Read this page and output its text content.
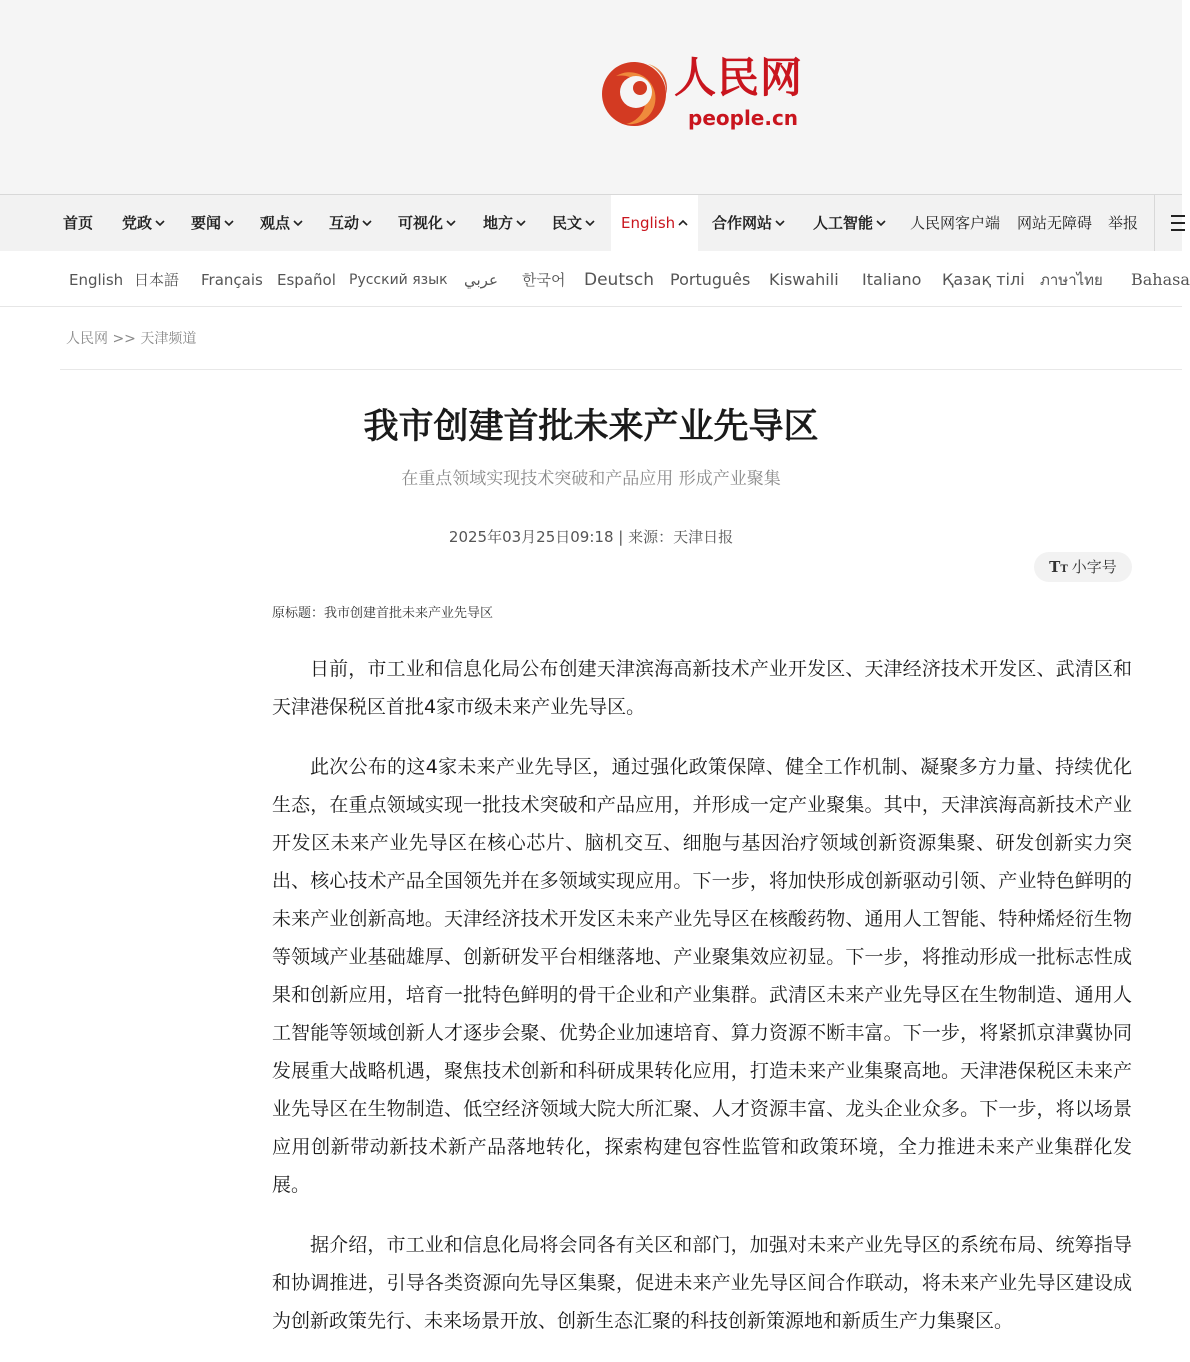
人民网
people.cn
首页 党政	要闻	观点	互动	可视化	地方	民文	English	合作网站	人工智能	人民网客户端 网站无障碍 举报
English 日本語 Français Español Русский язык عربي 한국어 Deutsch Português Kiswahili Italiano Қазақ тілі ภาษาไทย Bahasa
人民网 >> 天津频道
我市创建首批未来产业先导区
在重点领域实现技术突破和产品应用 形成产业聚集
2025年03月25日09:18 | 来源：天津日报
TT 小字号
原标题：我市创建首批未来产业先导区

日前，市工业和信息化局公布创建天津滨海高新技术产业开发区、天津经济技术开发区、武清区和天津港保税区首批4家市级未来产业先导区。

此次公布的这4家未来产业先导区，通过强化政策保障、健全工作机制、凝聚多方力量、持续优化生态，在重点领域实现一批技术突破和产品应用，并形成一定产业聚集。其中，天津滨海高新技术产业开发区未来产业先导区在核心芯片、脑机交互、细胞与基因治疗领域创新资源集聚、研发创新实力突出、核心技术产品全国领先并在多领域实现应用。下一步，将加快形成创新驱动引领、产业特色鲜明的未来产业创新高地。天津经济技术开发区未来产业先导区在核酸药物、通用人工智能、特种烯烃衍生物等领域产业基础雄厚、创新研发平台相继落地、产业聚集效应初显。下一步，将推动形成一批标志性成果和创新应用，培育一批特色鲜明的骨干企业和产业集群。武清区未来产业先导区在生物制造、通用人工智能等领域创新人才逐步会聚、优势企业加速培育、算力资源不断丰富。下一步，将紧抓京津冀协同发展重大战略机遇，聚焦技术创新和科研成果转化应用，打造未来产业集聚高地。天津港保税区未来产业先导区在生物制造、低空经济领域大院大所汇聚、人才资源丰富、龙头企业众多。下一步，将以场景应用创新带动新技术新产品落地转化，探索构建包容性监管和政策环境，全力推进未来产业集群化发展。

据介绍，市工业和信息化局将会同各有关区和部门，加强对未来产业先导区的系统布局、统筹指导和协调推进，引导各类资源向先导区集聚，促进未来产业先导区间合作联动，将未来产业先导区建设成为创新政策先行、未来场景开放、创新生态汇聚的科技创新策源地和新质生产力集聚区。
